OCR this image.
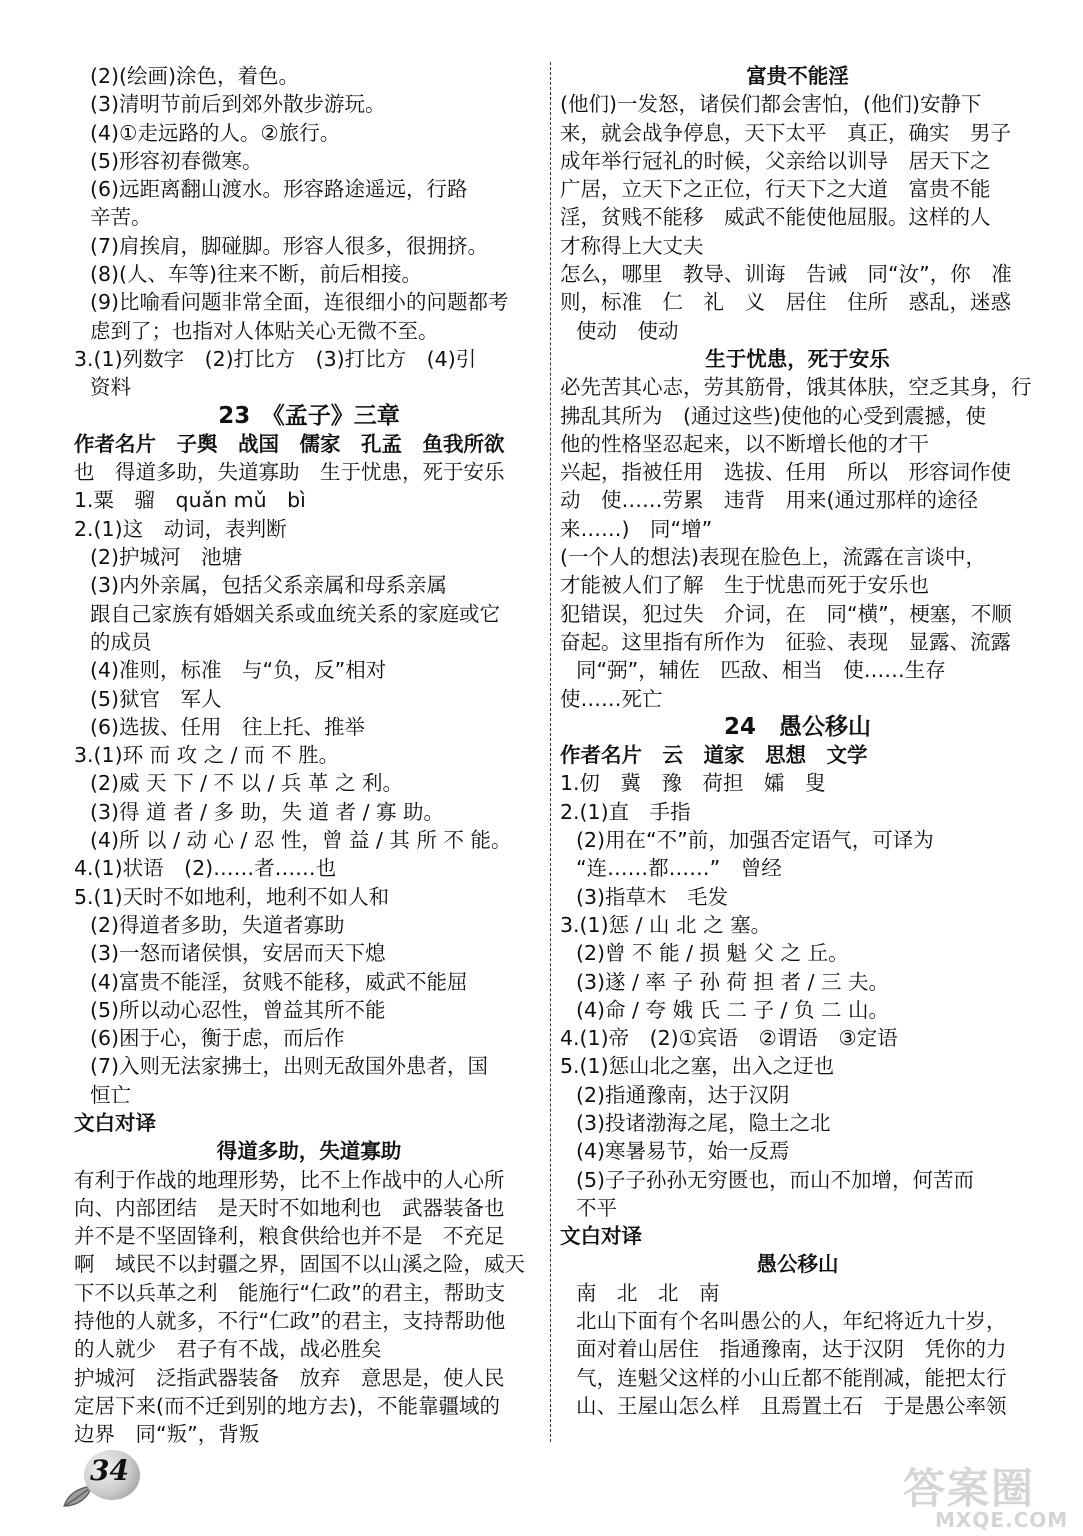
(2)(绘画)涂色，着色。
(3)清明节前后到郊外散步游玩。
(4)①走远路的人。②旅行。
(5)形容初春微寒。
(6)远距离翻山渡水。形容路途遥远，行路
辛苦。
(7)肩挨肩，脚碰脚。形容人很多，很拥挤。
(8)(人、车等)往来不断，前后相接。
(9)比喻看问题非常全面，连很细小的问题都考
虑到了；也指对人体贴关心无微不至。
3.(1)列数字　(2)打比方　(3)打比方　(4)引
资料
23　《孟子》三章
作者名片　子舆　战国　儒家　孔孟　鱼我所欲
也　得道多助，失道寡助　生于忧患，死于安乐
1.粟　骝　quǎn mǔ　bì
2.(1)这　动词，表判断
(2)护城河　池塘
(3)内外亲属，包括父系亲属和母系亲属
跟自己家族有婚姻关系或血统关系的家庭或它
的成员
(4)准则，标准　与“负，反”相对
(5)狱官　军人
(6)选拔、任用　往上托、推举
3.(1)环 而 攻 之 / 而 不 胜。
(2)威 天 下 / 不 以 / 兵 革 之 利。
(3)得 道 者 / 多 助，失 道 者 / 寡 助。
(4)所 以 / 动 心 / 忍 性，曾 益 / 其 所 不 能。
4.(1)状语　(2)……者……也
5.(1)天时不如地利，地利不如人和
(2)得道者多助，失道者寡助
(3)一怒而诸侯惧，安居而天下熄
(4)富贵不能淫，贫贱不能移，威武不能屈
(5)所以动心忍性，曾益其所不能
(6)困于心，衡于虑，而后作
(7)入则无法家拂士，出则无敌国外患者，国
恒亡
文白对译
得道多助，失道寡助
有利于作战的地理形势，比不上作战中的人心所
向、内部团结　是天时不如地利也　武器装备也
并不是不坚固锋利，粮食供给也并不是　不充足
啊　域民不以封疆之界，固国不以山溪之险，威天
下不以兵革之利　能施行“仁政”的君主，帮助支
持他的人就多，不行“仁政”的君主，支持帮助他
的人就少　君子有不战，战必胜矣
护城河　泛指武器装备　放弃　意思是，使人民
定居下来(而不迁到别的地方去)，不能靠疆域的
边界　同“叛”，背叛
富贵不能淫
(他们)一发怒，诸侯们都会害怕，(他们)安静下
来，就会战争停息，天下太平　真正，确实　男子
成年举行冠礼的时候，父亲给以训导　居天下之
广居，立天下之正位，行天下之大道　富贵不能
淫，贫贱不能移　威武不能使他屈服。这样的人
才称得上大丈夫
怎么，哪里　教导、训诲　告诫　同“汝”，你　准
则，标准　仁　礼　义　居住　住所　惑乱，迷惑
使动　使动
生于忧患，死于安乐
必先苦其心志，劳其筋骨，饿其体肤，空乏其身，行
拂乱其所为　(通过这些)使他的心受到震撼，使
他的性格坚忍起来，以不断增长他的才干
兴起，指被任用　选拔、任用　所以　形容词作使
动　使……劳累　违背　用来(通过那样的途径
来……)　同“增”
(一个人的想法)表现在脸色上，流露在言谈中，
才能被人们了解　生于忧患而死于安乐也
犯错误，犯过失　介词，在　同“横”，梗塞，不顺
奋起。这里指有所作为　征验、表现　显露、流露
同“弼”，辅佐　匹敌、相当　使……生存
使……死亡
24　愚公移山
作者名片　云　道家　思想　文学
1.仞　冀　豫　荷担　孀　叟
2.(1)直　手指
(2)用在“不”前，加强否定语气，可译为
“连……都……”　曾经
(3)指草木　毛发
3.(1)惩 / 山 北 之 塞。
(2)曾 不 能 / 损 魁 父 之 丘。
(3)遂 / 率 子 孙 荷 担 者 / 三 夫。
(4)命 / 夸 娥 氏 二 子 / 负 二 山。
4.(1)帝　(2)①宾语　②谓语　③定语
5.(1)惩山北之塞，出入之迂也
(2)指通豫南，达于汉阴
(3)投诸渤海之尾，隐土之北
(4)寒暑易节，始一反焉
(5)子子孙孙无穷匮也，而山不加增，何苦而
不平
文白对译
愚公移山
南　北　北　南
北山下面有个名叫愚公的人，年纪将近九十岁，
面对着山居住　指通豫南，达于汉阴　凭你的力
气，连魁父这样的小山丘都不能削减，能把太行
山、王屋山怎么样　且焉置土石　于是愚公率领
34	答案圈
MXQE.COM
